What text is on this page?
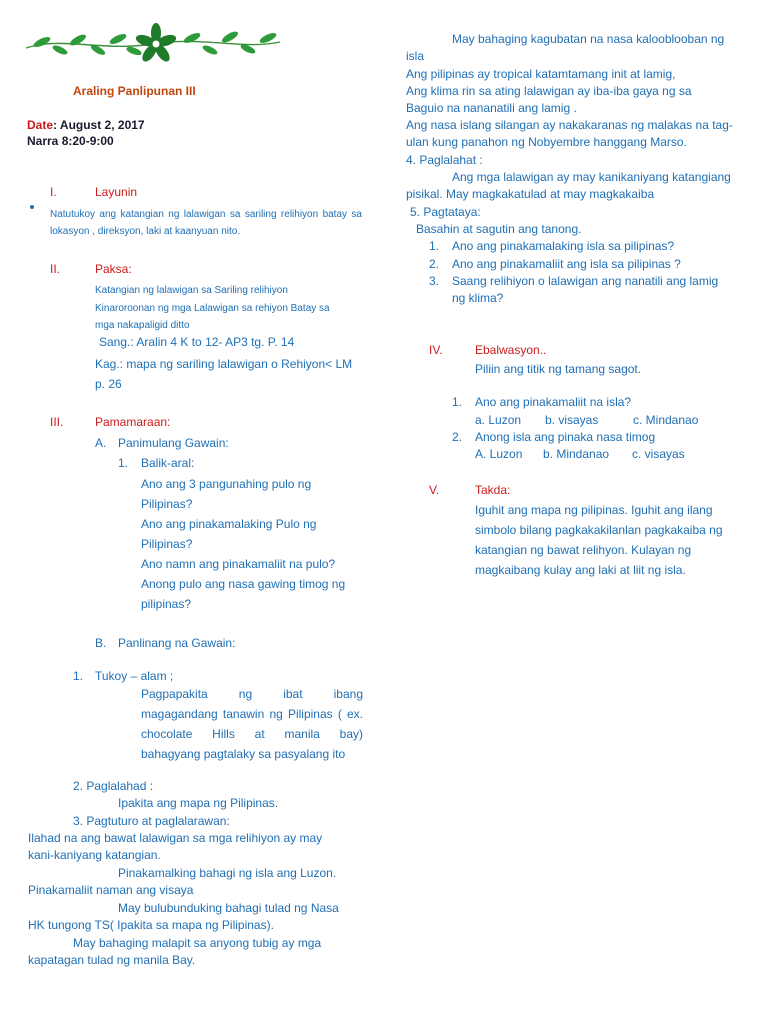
Araling Panlipunan III
Date: August 2, 2017
Narra 8:20-9:00
I.	Layunin
Natutukoy ang katangian ng lalawigan sa sariling relihiyon batay sa lokasyon , direksyon, laki at kaanyuan nito.
II.	Paksa:
Katangian ng lalawigan sa Sariling relihiyon
Kinaroroonan ng mga Lalawigan sa rehiyon Batay sa
mga nakapaligid ditto
Sang.: Aralin 4 K to 12- AP3 tg. P. 14
Kag.: mapa ng sariling lalawigan o Rehiyon< LM
p. 26
III.	Pamamaraan:
A. Panimulang Gawain:
1. Balik-aral:
Ano ang 3 pangunahing pulo ng
Pilipinas?
Ano ang pinakamalaking Pulo ng
Pilipinas?
Ano namn ang pinakamaliit na pulo?
Anong pulo ang nasa gawing timog ng
pilipinas?
B. Panlinang na Gawain:
1. Tukoy – alam ;
Pagpapakita ng ibat ibang
magagandang tanawin ng Pilipinas ( ex.
chocolate Hills at manila bay)
bahagyang pagtalaky sa pasyalang ito
2. Paglalahad :
Ipakita ang mapa ng Pilipinas.
3. Pagtuturo at paglalarawan:
Ilahad na ang bawat lalawigan sa mga relihiyon ay may
kani-kaniyang katangian.
Pinakamalking bahagi ng isla ang Luzon.
Pinakamaliit naman ang visaya
May bulubunduking bahagi tulad ng Nasa
HK tungong TS( Ipakita sa mapa ng Pilipinas).
May bahaging malapit sa anyong tubig ay mga
kapatagan tulad ng manila Bay.
May bahaging kagubatan na nasa kalooblooban ng
isla
Ang pilipinas ay tropical katamtamang init at lamig,
Ang klima rin sa ating lalawigan ay iba-iba gaya ng sa
Baguio na nananatili ang lamig .
Ang nasa islang silangan ay nakakaranas ng malakas na tag-
ulan kung panahon ng Nobyembre hanggang Marso.
4. Paglalahat :
Ang mga lalawigan ay may kanikaniyang katangiang
pisikal. May magkakatulad at may magkakaiba
5. Pagtataya:
Basahin at sagutin ang tanong.
1. Ano ang pinakamalaking isla sa pilipinas?
2. Ano ang pinakamaliit ang isla sa pilipinas ?
3. Saang relihiyon o lalawigan ang nanatili ang lamig
ng klima?
IV.	Ebalwasyon..
Piliin ang titik ng tamang sagot.
1. Ano ang pinakamaliit na isla?
a. Luzon b. visayas	c. Mindanao
2. Anong isla ang pinaka nasa timog
A. Luzon b. Mindanao c. visayas
V.	Takda:
Iguhit ang mapa ng pilipinas. Iguhit ang ilang
simbolo bilang pagkakakilanlan pagkakaiba ng
katangian ng bawat relihyon. Kulayan ng
magkaibang kulay ang laki at liit ng isla.
